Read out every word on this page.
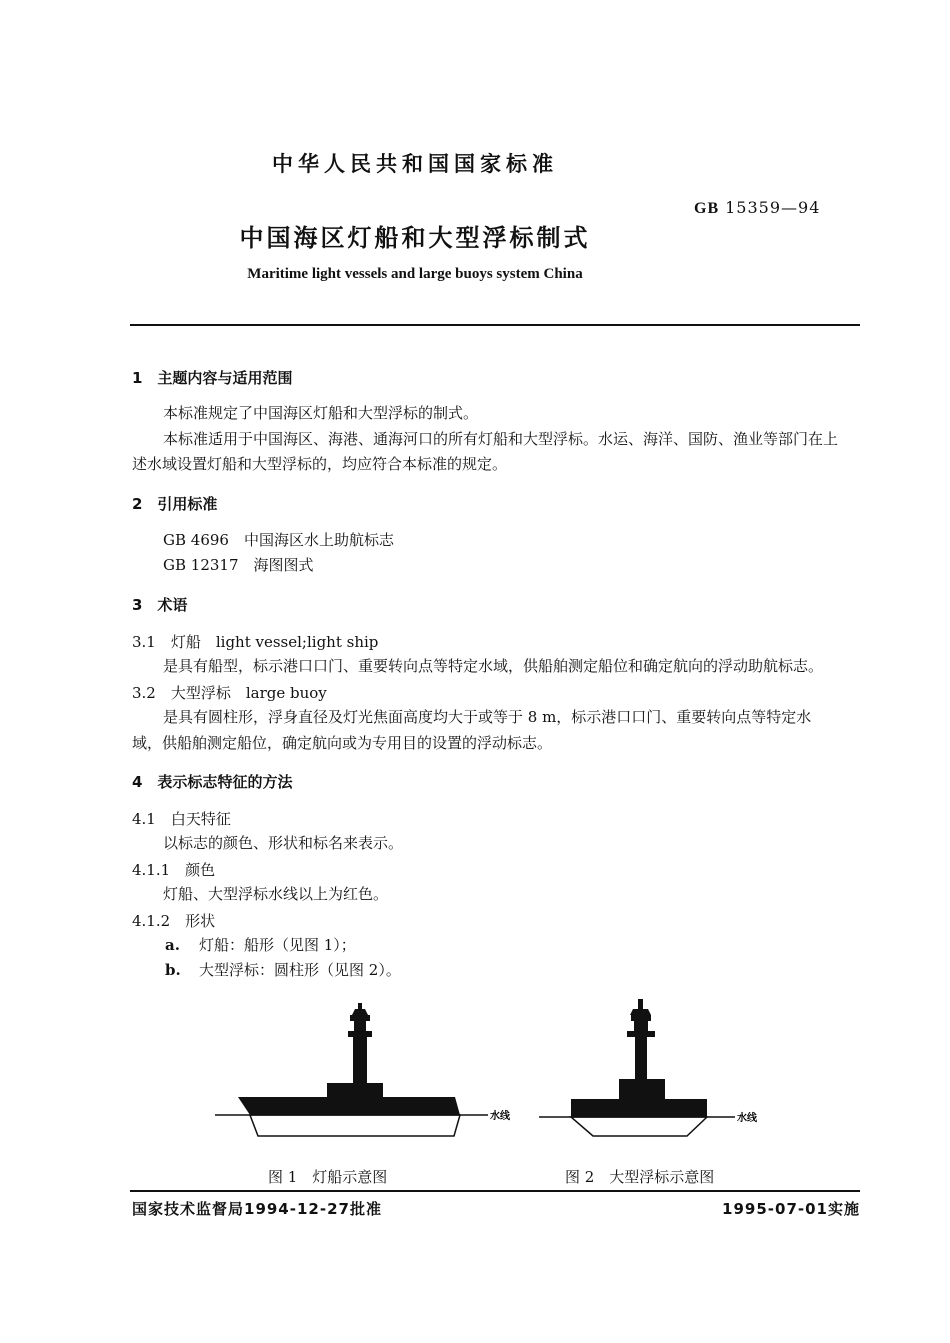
中华人民共和国国家标准
GB 15359—94
中国海区灯船和大型浮标制式
Maritime light vessels and large buoys system China
1　主题内容与适用范围
本标准规定了中国海区灯船和大型浮标的制式。
本标准适用于中国海区、海港、通海河口的所有灯船和大型浮标。水运、海洋、国防、渔业等部门在上
述水域设置灯船和大型浮标的，均应符合本标准的规定。
2　引用标准
GB 4696　中国海区水上助航标志
GB 12317　海图图式
3　术语
3.1　灯船　light vessel;light ship
是具有船型，标示港口口门、重要转向点等特定水域，供船舶测定船位和确定航向的浮动助航标志。
3.2　大型浮标　large buoy
是具有圆柱形，浮身直径及灯光焦面高度均大于或等于 8 m，标示港口口门、重要转向点等特定水
域，供船舶测定船位，确定航向或为专用目的设置的浮动标志。
4　表示标志特征的方法
4.1　白天特征
以标志的颜色、形状和标名来表示。
4.1.1　颜色
灯船、大型浮标水线以上为红色。
4.1.2　形状
a. 灯船：船形（见图 1）；
b. 大型浮标：圆柱形（见图 2）。
水线	水线
图 1　灯船示意图	图 2　大型浮标示意图
国家技术监督局1994-12-27批准	1995-07-01实施
